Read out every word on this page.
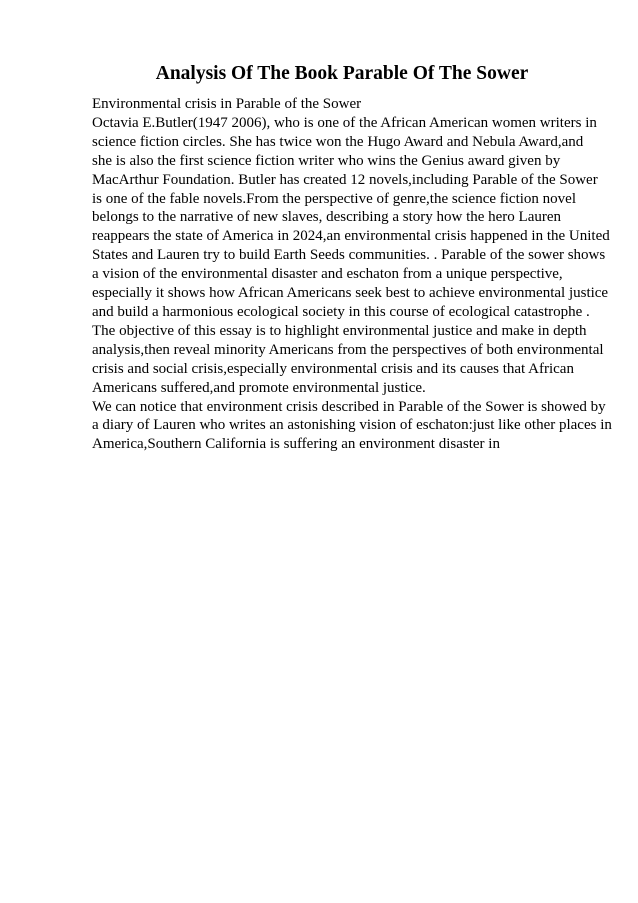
Analysis Of The Book Parable Of The Sower
Environmental crisis in Parable of the Sower
Octavia E.Butler(1947 2006), who is one of the African American women writers in
science fiction circles. She has twice won the Hugo Award and Nebula Award,and
she is also the first science fiction writer who wins the Genius award given by
MacArthur Foundation. Butler has created 12 novels,including Parable of the Sower
is one of the fable novels.From the perspective of genre,the science fiction novel
belongs to the narrative of new slaves, describing a story how the hero Lauren
reappears the state of America in 2024,an environmental crisis happened in the United
States and Lauren try to build Earth Seeds communities. . Parable of the sower shows
a vision of the environmental disaster and eschaton from a unique perspective,
especially it shows how African Americans seek best to achieve environmental justice
and build a harmonious ecological society in this course of ecological catastrophe .
The objective of this essay is to highlight environmental justice and make in depth
analysis,then reveal minority Americans from the perspectives of both environmental
crisis and social crisis,especially environmental crisis and its causes that African
Americans suffered,and promote environmental justice.
We can notice that environment crisis described in Parable of the Sower is showed by
a diary of Lauren who writes an astonishing vision of eschaton:just like other places in
America,Southern California is suffering an environment disaster in
